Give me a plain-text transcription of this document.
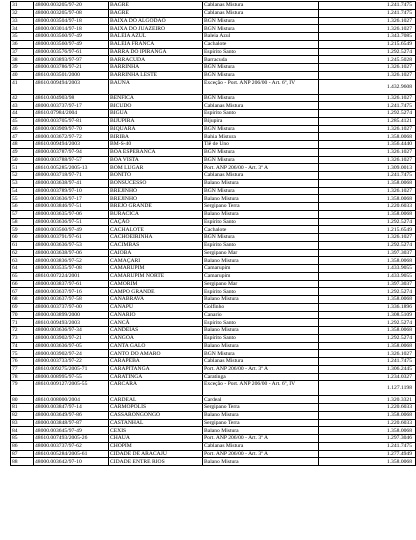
31	48000.003205/97-20	BAGRE	Cablanas Mistura	1.241.7475
32	48000.003205/97-08	BAGRE	Cablanas Mistura	1.241.7475
33	48000.003504/97-18	BAIXA DO ALGODAO	BGN Mistura	1.326.1027
34	48000.003014/97-18	BAIXA DO JUAZEIRO	BGN Mistura	1.326.1027
35	48000.003560/97-49	BALEIA AZUL	Baleia Azul	1.343.7085
36	48000.003560/97-49	BALEIA FRANCA	Cachalote	1.215.6549
37	48000.003576/97-61	BARRA DO IPIRANGA	Espírito Santo	1.292.5274
38	48000.003893/97-97	BARRACUDA	Barracuda	1.245.5028
39	48000.003786/97-21	BARRINHA	BGN Mistura	1.326.1027
40	48610.003501/2000	BARRINHA LESTE	BGN Mistura	1.326.1027
41	48610.009494/2003	BAUNA	Exceção - Port. ANP 206/00 - Art. 6º, IV	1.432.9608
42	48610.004903/98	BENFICA	BGN Mistura	1.326.1027
43	48000.003737/97-17	BICUDO	Cablanas Mistura	1.241.7475
44	48610.07984/2004	BIGUÁ	Espírito Santo	1.292.5274
45	48000.003705/97-81	BIJUPIRA	Bijupira	1.285.4121
46	48000.003909/97-70	BIQUARA	BGN Mistura	1.326.1027
47	48000.003672/97-72	BIRIBA	Bahia Mistura	1.358.0068
48	48610.009494/2003	BM-S-40	Tiê de Uno	1.356.4440
49	48000.003787/97-94	BOA ESPERANCA	BGN Mistura	1.326.1027
50	48000.003788/97-57	BOA VISTA	BGN Mistura	1.326.1027
51	48610.005285/2005-13	BOM LUGAR	Port. ANP 206/00 - Art. 3º A	1.309.0013
52	48000.003718/97-71	BONITO	Cablanas Mistura	1.241.7475
53	48000.003638/97-41	BONSUCESSO	Balano Mistura	1.358.0068
54	48000.003789/97-10	BREJINHO	BGN Mistura	1.326.1027
55	48000.003636/97-17	BREJINHO	Balano Mistura	1.358.0068
56	48000.003846/97-51	BREJO GRANDE	Sergipano Terra	1.220.6033
57	48000.003635/97-06	BURACICA	Balano Mistura	1.358.0068
58	48000.003636/97-51	CAÇÃO	Espírito Santo	1.292.5274
59	48000.003560/97-49	CACHALOTE	Cachalote	1.215.6549
60	48000.003791/97-61	CACHOEIRINHA	BGN Mistura	1.326.1027
61	48000.003636/97-53	CACIMBAS	Espírito Santo	1.292.5274
62	48000.003638/97-06	CAIOBA	Sergipano Mar	1.397.3037
63	48000.003836/97-52	CAMAÇARI	Balano Mistura	1.358.0068
64	48000.003535/97-08	CAMARUPIM	Camarupim	1.433.9055
65	48610.007224/2001	CAMARUPIM NORTE	Camarupim	1.433.9055
66	48000.003837/97-61	CAMORIM	Sergipano Mar	1.397.3037
67	48000.003637/97-16	CAMPO GRANDE	Espírito Santo	1.292.5274
68	48000.003637/97-58	CANABRAVA	Balano Mistura	1.358.0068
69	48000.003737/97-00	CANAPU	Golfinho	1.336.1896
70	48000.003899/2000	CANARIO	Canario	1.308.5109
71	48610.009493/2003	CANCÃ	Espírito Santo	1.292.5274
72	48000.003636/97-34	CANDEIAS	Balano Mistura	1.358.0068
73	48000.003902/97-21	CANGOA	Espírito Santo	1.292.5274
74	48000.003636/97-05	CANTA GALO	Balano Mistura	1.358.0068
75	48000.003902/97-24	CANTO DO AMARO	BGN Mistura	1.326.1027
76	48000.003733/97-22	CARAPEBA	Cablanas Mistura	1.241.7475
77	48610.009275/2005-71	CARAPITANGA	Port. ANP 206/00 - Art. 3º A	1.306.2445
78	48000.008995/97-55	CARATINGA	Caratinga	1.234.0327
79	48610.009127/2005-55	CARCARÁ	Exceção - Port. ANP 206/00 - Art. 6º, IV	1.127.1198
80	48610.008000/2004	CARDEAL	Cardeal	1.320.3321
81	48000.003847/97-14	CARMOPOLIS	Sergipano Terra	1.220.6033
82	48000.003649/97-86	CASSARONGONGO	Balano Mistura	1.358.0068
83	48000.003848/97-87	CASTANHAL	Sergipano Terra	1.220.6033
84	48000.003645/97-49	CEXIS	Balano Mistura	1.358.0068
85	48610.007493/2005-26	CHAUA	Port. ANP 206/00 - Art. 3º A	1.297.3046
86	48000.003737/97-62	CHOPIM	Cablanas Mistura	1.241.7475
87	48610.005284/2005-61	CIDADE DE ARACAJU	Port. ANP 206/00 - Art. 3º A	1.277.4949
88	48000.003642/97-10	CIDADE ENTRE RIOS	Balano Mistura	1.358.0068
